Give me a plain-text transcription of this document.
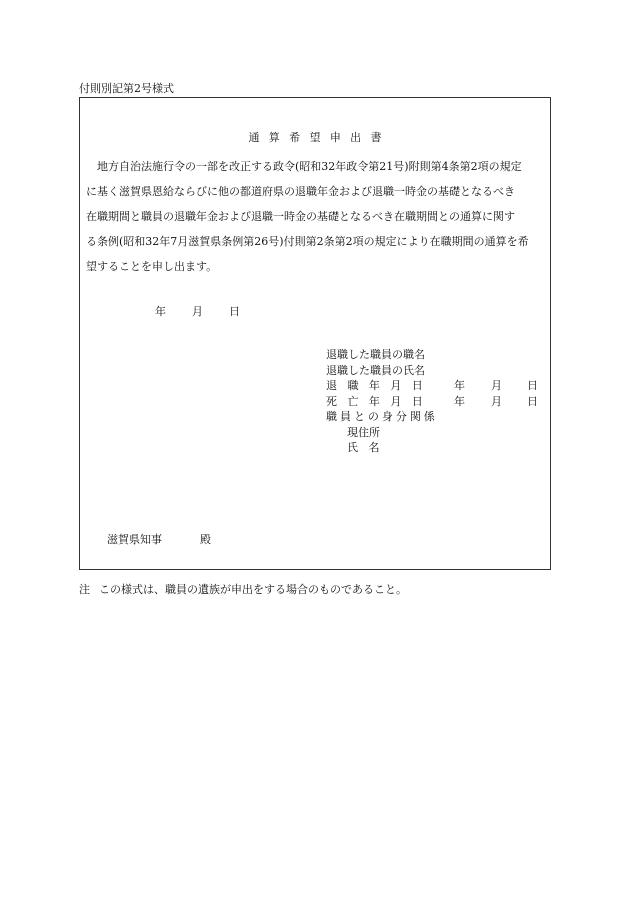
付則別記第2号様式
通算希望申出書
　地方自治法施行令の一部を改正する政令(昭和32年政令第21号)附則第4条第2項の規定
に基く滋賀県恩給ならびに他の都道府県の退職年金および退職一時金の基礎となるべき
在職期間と職員の退職年金および退職一時金の基礎となるべき在職期間との通算に関す
る条例(昭和32年7月滋賀県条例第26号)付則第2条第2項の規定により在職期間の通算を希
望することを申し出ます。
年 月 日
退職した職員の職名
退職した職員の氏名
退職年月日 年 月 日
死亡年月日 年 月 日
職員との身分関係
現住所
氏名
滋賀県知事	殿
注 この様式は、職員の遺族が申出をする場合のものであること。
